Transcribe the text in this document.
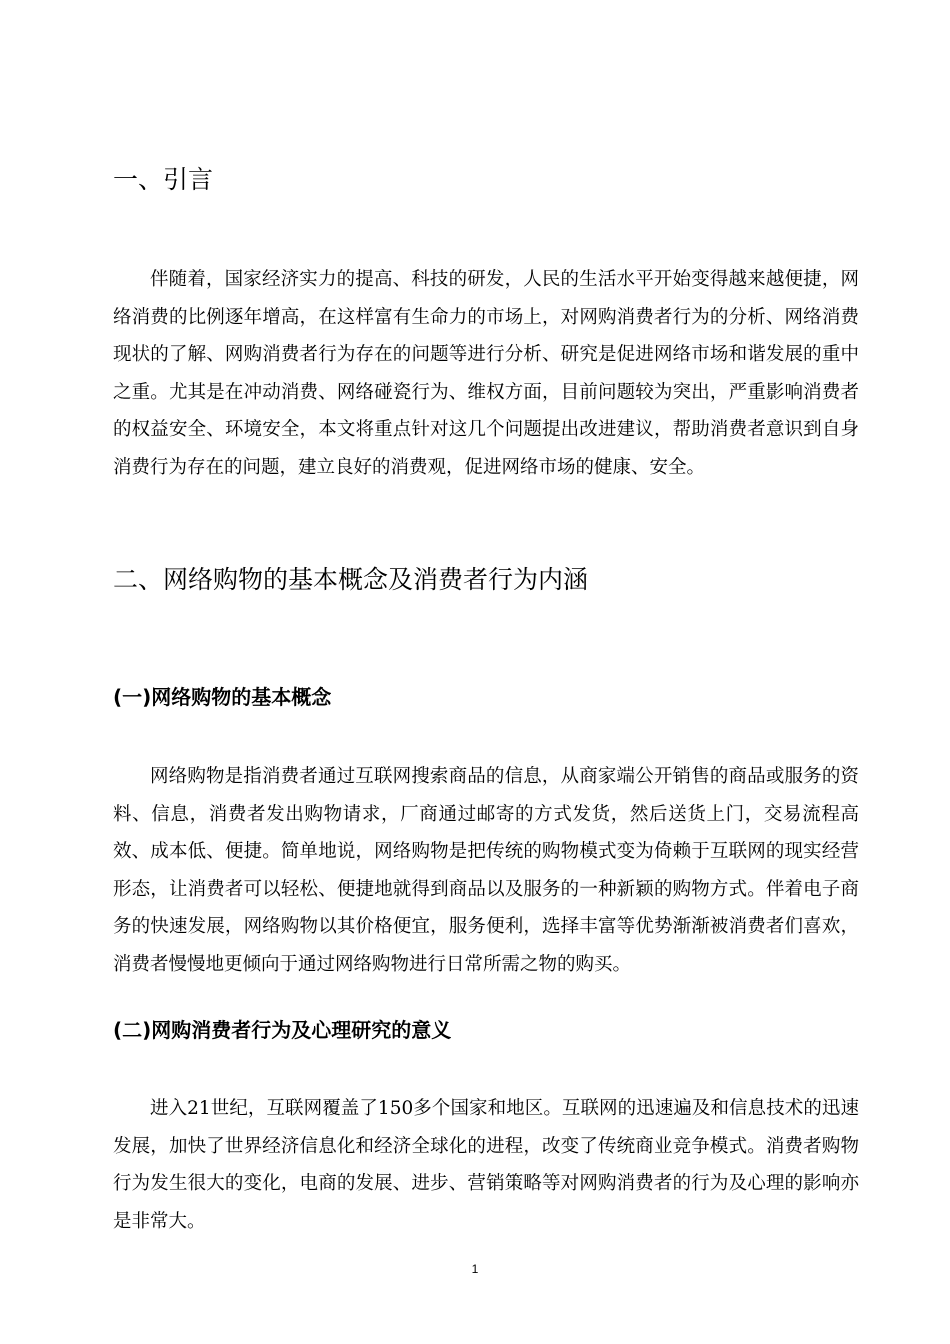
一、引言

伴随着，国家经济实力的提高、科技的研发，人民的生活水平开始变得越来越便捷，网络消费的比例逐年增高，在这样富有生命力的市场上，对网购消费者行为的分析、网络消费现状的了解、网购消费者行为存在的问题等进行分析、研究是促进网络市场和谐发展的重中之重。尤其是在冲动消费、网络碰瓷行为、维权方面，目前问题较为突出，严重影响消费者的权益安全、环境安全，本文将重点针对这几个问题提出改进建议，帮助消费者意识到自身消费行为存在的问题，建立良好的消费观，促进网络市场的健康、安全。

二、网络购物的基本概念及消费者行为内涵
(一)网络购物的基本概念

网络购物是指消费者通过互联网搜索商品的信息，从商家端公开销售的商品或服务的资料、信息，消费者发出购物请求，厂商通过邮寄的方式发货，然后送货上门，交易流程高效、成本低、便捷。简单地说，网络购物是把传统的购物模式变为倚赖于互联网的现实经营形态，让消费者可以轻松、便捷地就得到商品以及服务的一种新颖的购物方式。伴着电子商务的快速发展，网络购物以其价格便宜，服务便利，选择丰富等优势渐渐被消费者们喜欢，消费者慢慢地更倾向于通过网络购物进行日常所需之物的购买。

(二)网购消费者行为及心理研究的意义

进入21世纪，互联网覆盖了150多个国家和地区。互联网的迅速遍及和信息技术的迅速发展，加快了世界经济信息化和经济全球化的进程，改变了传统商业竞争模式。消费者购物行为发生很大的变化，电商的发展、进步、营销策略等对网购消费者的行为及心理的影响亦是非常大。

1
